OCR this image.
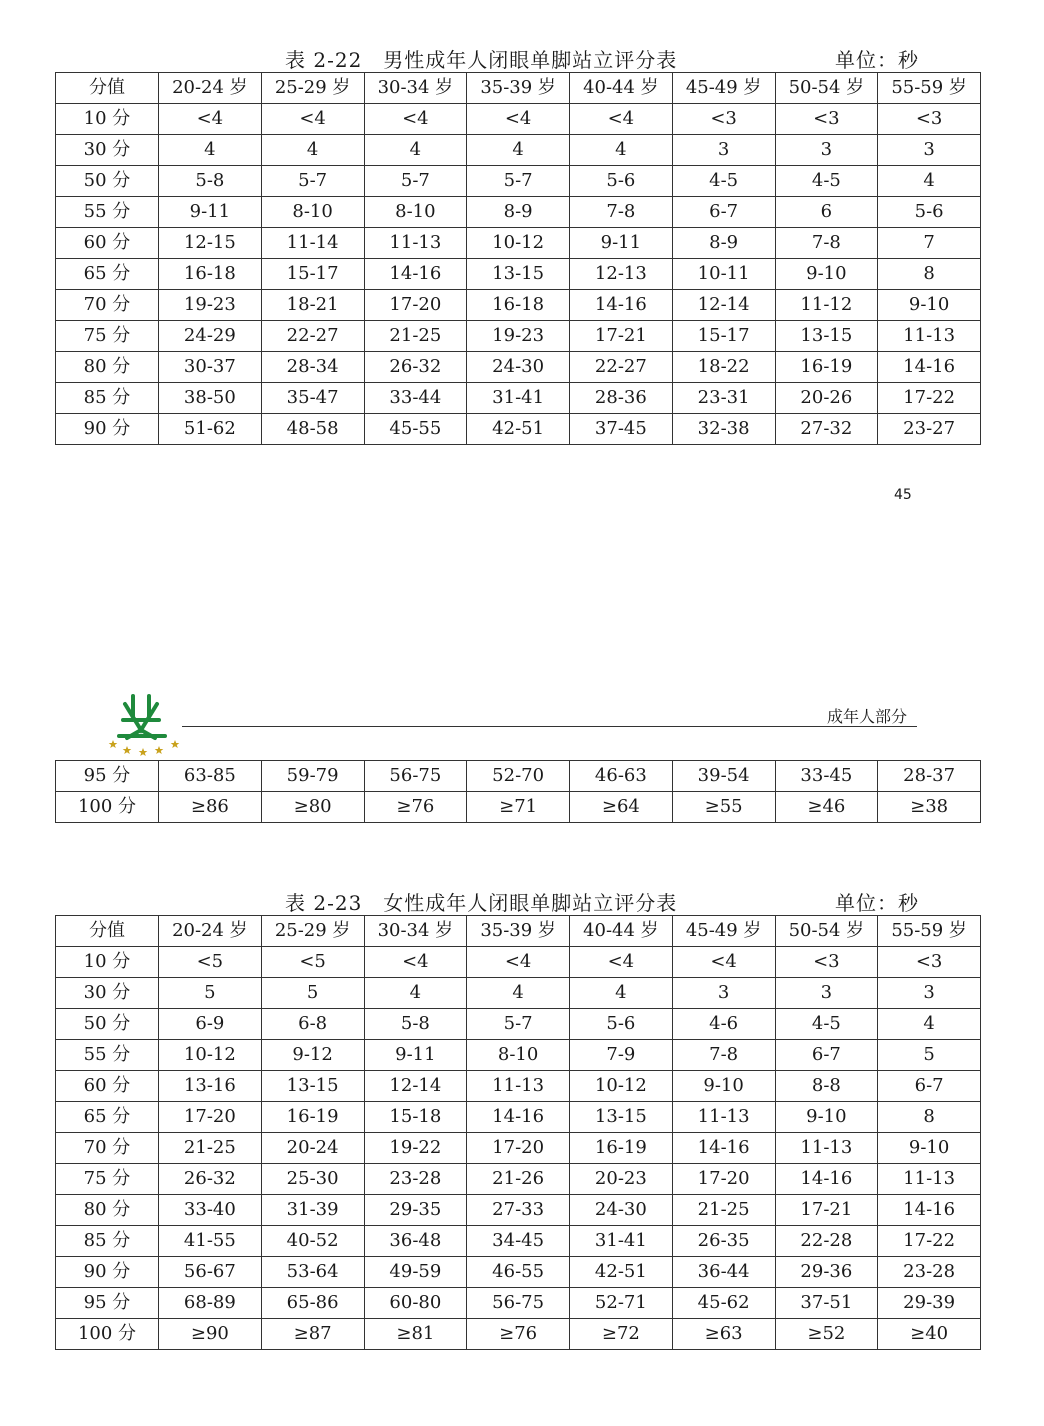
表 2-22　男性成年人闭眼单脚站立评分表	单位：秒
分值	20-24 岁	25-29 岁	30-34 岁	35-39 岁	40-44 岁	45-49 岁	50-54 岁	55-59 岁
10 分	<4	<4	<4	<4	<4	<3	<3	<3
30 分	4	4	4	4	4	3	3	3
50 分	5-8	5-7	5-7	5-7	5-6	4-5	4-5	4
55 分	9-11	8-10	8-10	8-9	7-8	6-7	6	5-6
60 分	12-15	11-14	11-13	10-12	9-11	8-9	7-8	7
65 分	16-18	15-17	14-16	13-15	12-13	10-11	9-10	8
70 分	19-23	18-21	17-20	16-18	14-16	12-14	11-12	9-10
75 分	24-29	22-27	21-25	19-23	17-21	15-17	13-15	11-13
80 分	30-37	28-34	26-32	24-30	22-27	18-22	16-19	14-16
85 分	38-50	35-47	33-44	31-41	28-36	23-31	20-26	17-22
90 分	51-62	48-58	45-55	42-51	37-45	32-38	27-32	23-27
45
成年人部分
95 分	63-85	59-79	56-75	52-70	46-63	39-54	33-45	28-37
100 分	≥86	≥80	≥76	≥71	≥64	≥55	≥46	≥38
表 2-23　女性成年人闭眼单脚站立评分表	单位：秒
分值	20-24 岁	25-29 岁	30-34 岁	35-39 岁	40-44 岁	45-49 岁	50-54 岁	55-59 岁
10 分	<5	<5	<4	<4	<4	<4	<3	<3
30 分	5	5	4	4	4	3	3	3
50 分	6-9	6-8	5-8	5-7	5-6	4-6	4-5	4
55 分	10-12	9-12	9-11	8-10	7-9	7-8	6-7	5
60 分	13-16	13-15	12-14	11-13	10-12	9-10	8-8	6-7
65 分	17-20	16-19	15-18	14-16	13-15	11-13	9-10	8
70 分	21-25	20-24	19-22	17-20	16-19	14-16	11-13	9-10
75 分	26-32	25-30	23-28	21-26	20-23	17-20	14-16	11-13
80 分	33-40	31-39	29-35	27-33	24-30	21-25	17-21	14-16
85 分	41-55	40-52	36-48	34-45	31-41	26-35	22-28	17-22
90 分	56-67	53-64	49-59	46-55	42-51	36-44	29-36	23-28
95 分	68-89	65-86	60-80	56-75	52-71	45-62	37-51	29-39
100 分	≥90	≥87	≥81	≥76	≥72	≥63	≥52	≥40
